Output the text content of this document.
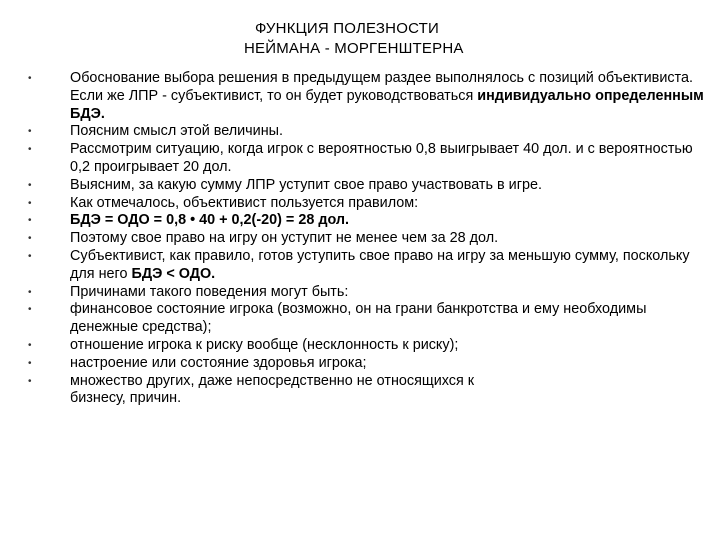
ФУНКЦИЯ ПОЛЕЗНОСТИ
НЕЙМАНА - МОРГЕНШТЕРНА
•	Обоснование выбора решения в предыдущем раздее выполнялось с позиций объективиста. Если же ЛПР - субъективист, то он будет руководствоваться индивидуально определенным БДЭ.
•	Поясним смысл этой величины.
•	Рассмотрим ситуацию, когда игрок с вероятностью 0,8 выигрывает 40 дол. и с вероятностью 0,2 проигрывает 20 дол.
•	Выясним, за какую сумму ЛПР уступит свое право участвовать в игре.
•	Как отмечалось, объективист пользуется правилом:
•	БДЭ = ОДО = 0,8 • 40 + 0,2(-20) = 28 дол.
•	Поэтому свое право на игру он уступит не менее чем за 28 дол.
•	Субъективист, как правило, готов уступить свое право на игру за меньшую сумму, поскольку для него БДЭ < ОДО.
•	Причинами такого поведения могут быть:
•	финансовое состояние игрока (возможно, он на грани банкротства и ему необходимы денежные средства);
•	отношение игрока к риску вообще (несклонность к риску);
•	настроение или состояние здоровья игрока;
•	множество других, даже непосредственно не относящихся к бизнесу, причин.
